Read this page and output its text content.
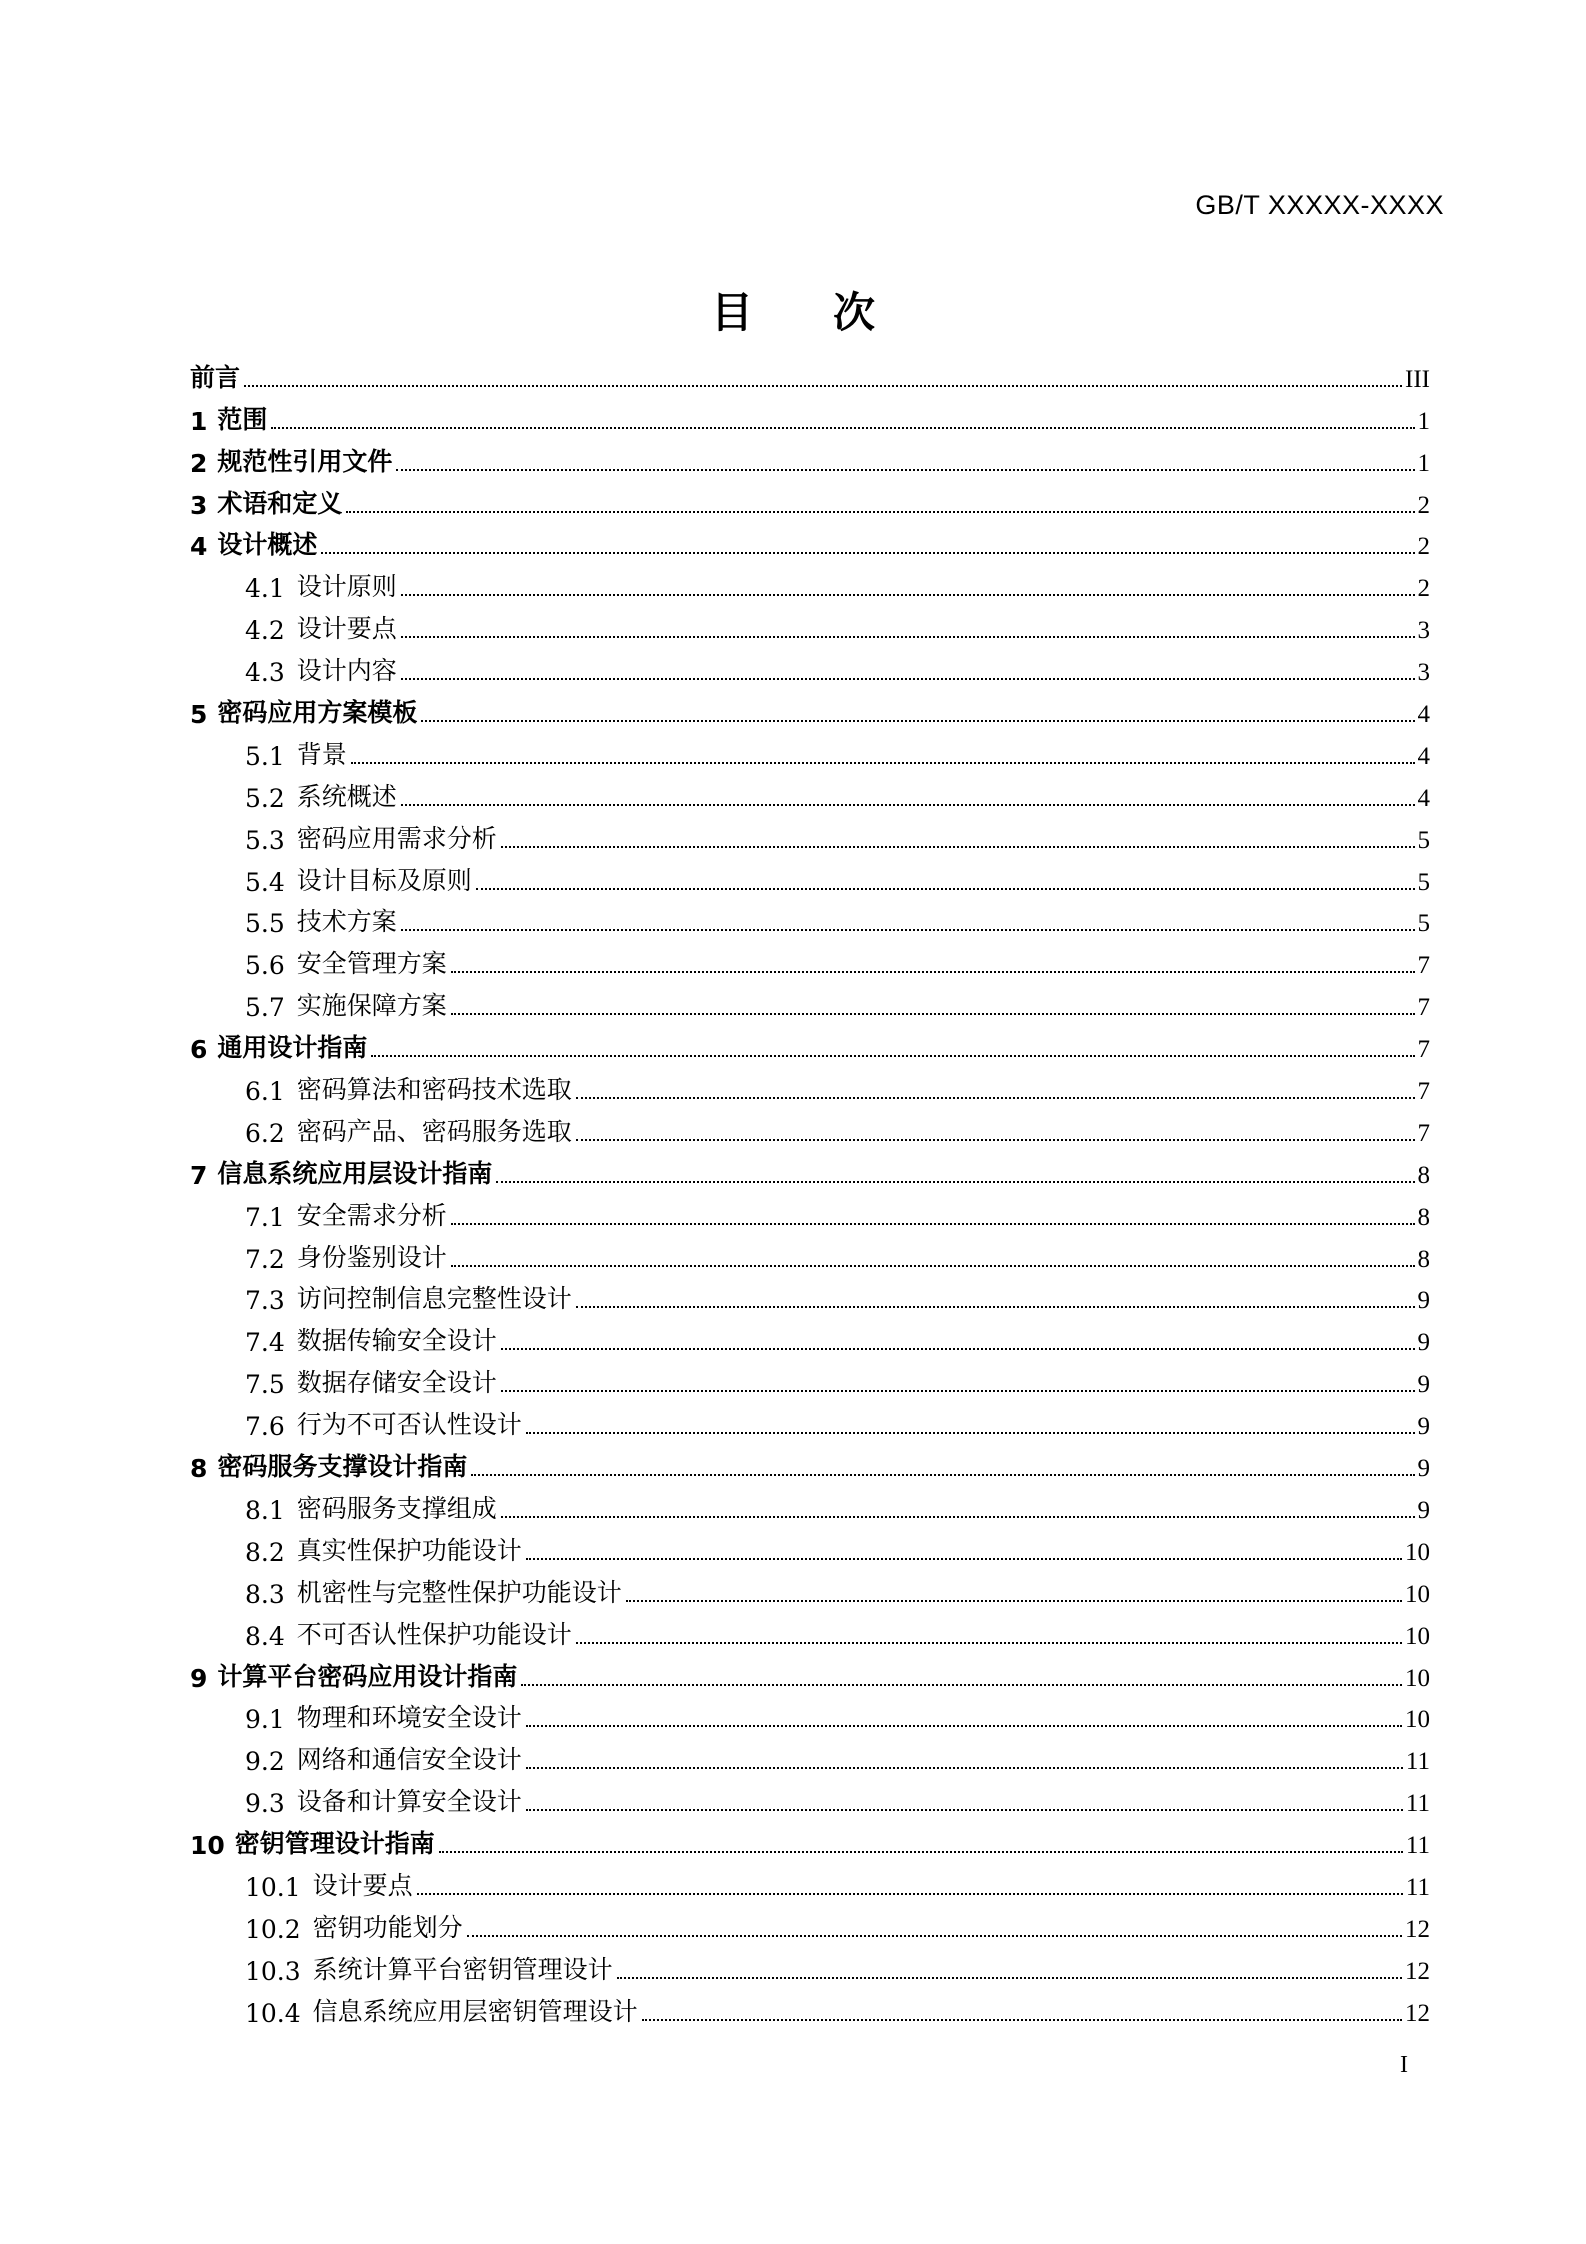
GB/T XXXXX-XXXX
目 次
前言	III
1 范围	1
2 规范性引用文件	1
3 术语和定义	2
4 设计概述	2
4.1 设计原则	2
4.2 设计要点	3
4.3 设计内容	3
5 密码应用方案模板	4
5.1 背景	4
5.2 系统概述	4
5.3 密码应用需求分析	5
5.4 设计目标及原则	5
5.5 技术方案	5
5.6 安全管理方案	7
5.7 实施保障方案	7
6 通用设计指南	7
6.1 密码算法和密码技术选取	7
6.2 密码产品、密码服务选取	7
7 信息系统应用层设计指南	8
7.1 安全需求分析	8
7.2 身份鉴别设计	8
7.3 访问控制信息完整性设计	9
7.4 数据传输安全设计	9
7.5 数据存储安全设计	9
7.6 行为不可否认性设计	9
8 密码服务支撑设计指南	9
8.1 密码服务支撑组成	9
8.2 真实性保护功能设计	10
8.3 机密性与完整性保护功能设计	10
8.4 不可否认性保护功能设计	10
9 计算平台密码应用设计指南	10
9.1 物理和环境安全设计	10
9.2 网络和通信安全设计	11
9.3 设备和计算安全设计	11
10 密钥管理设计指南	11
10.1 设计要点	11
10.2 密钥功能划分	12
10.3 系统计算平台密钥管理设计	12
10.4 信息系统应用层密钥管理设计	12
I
